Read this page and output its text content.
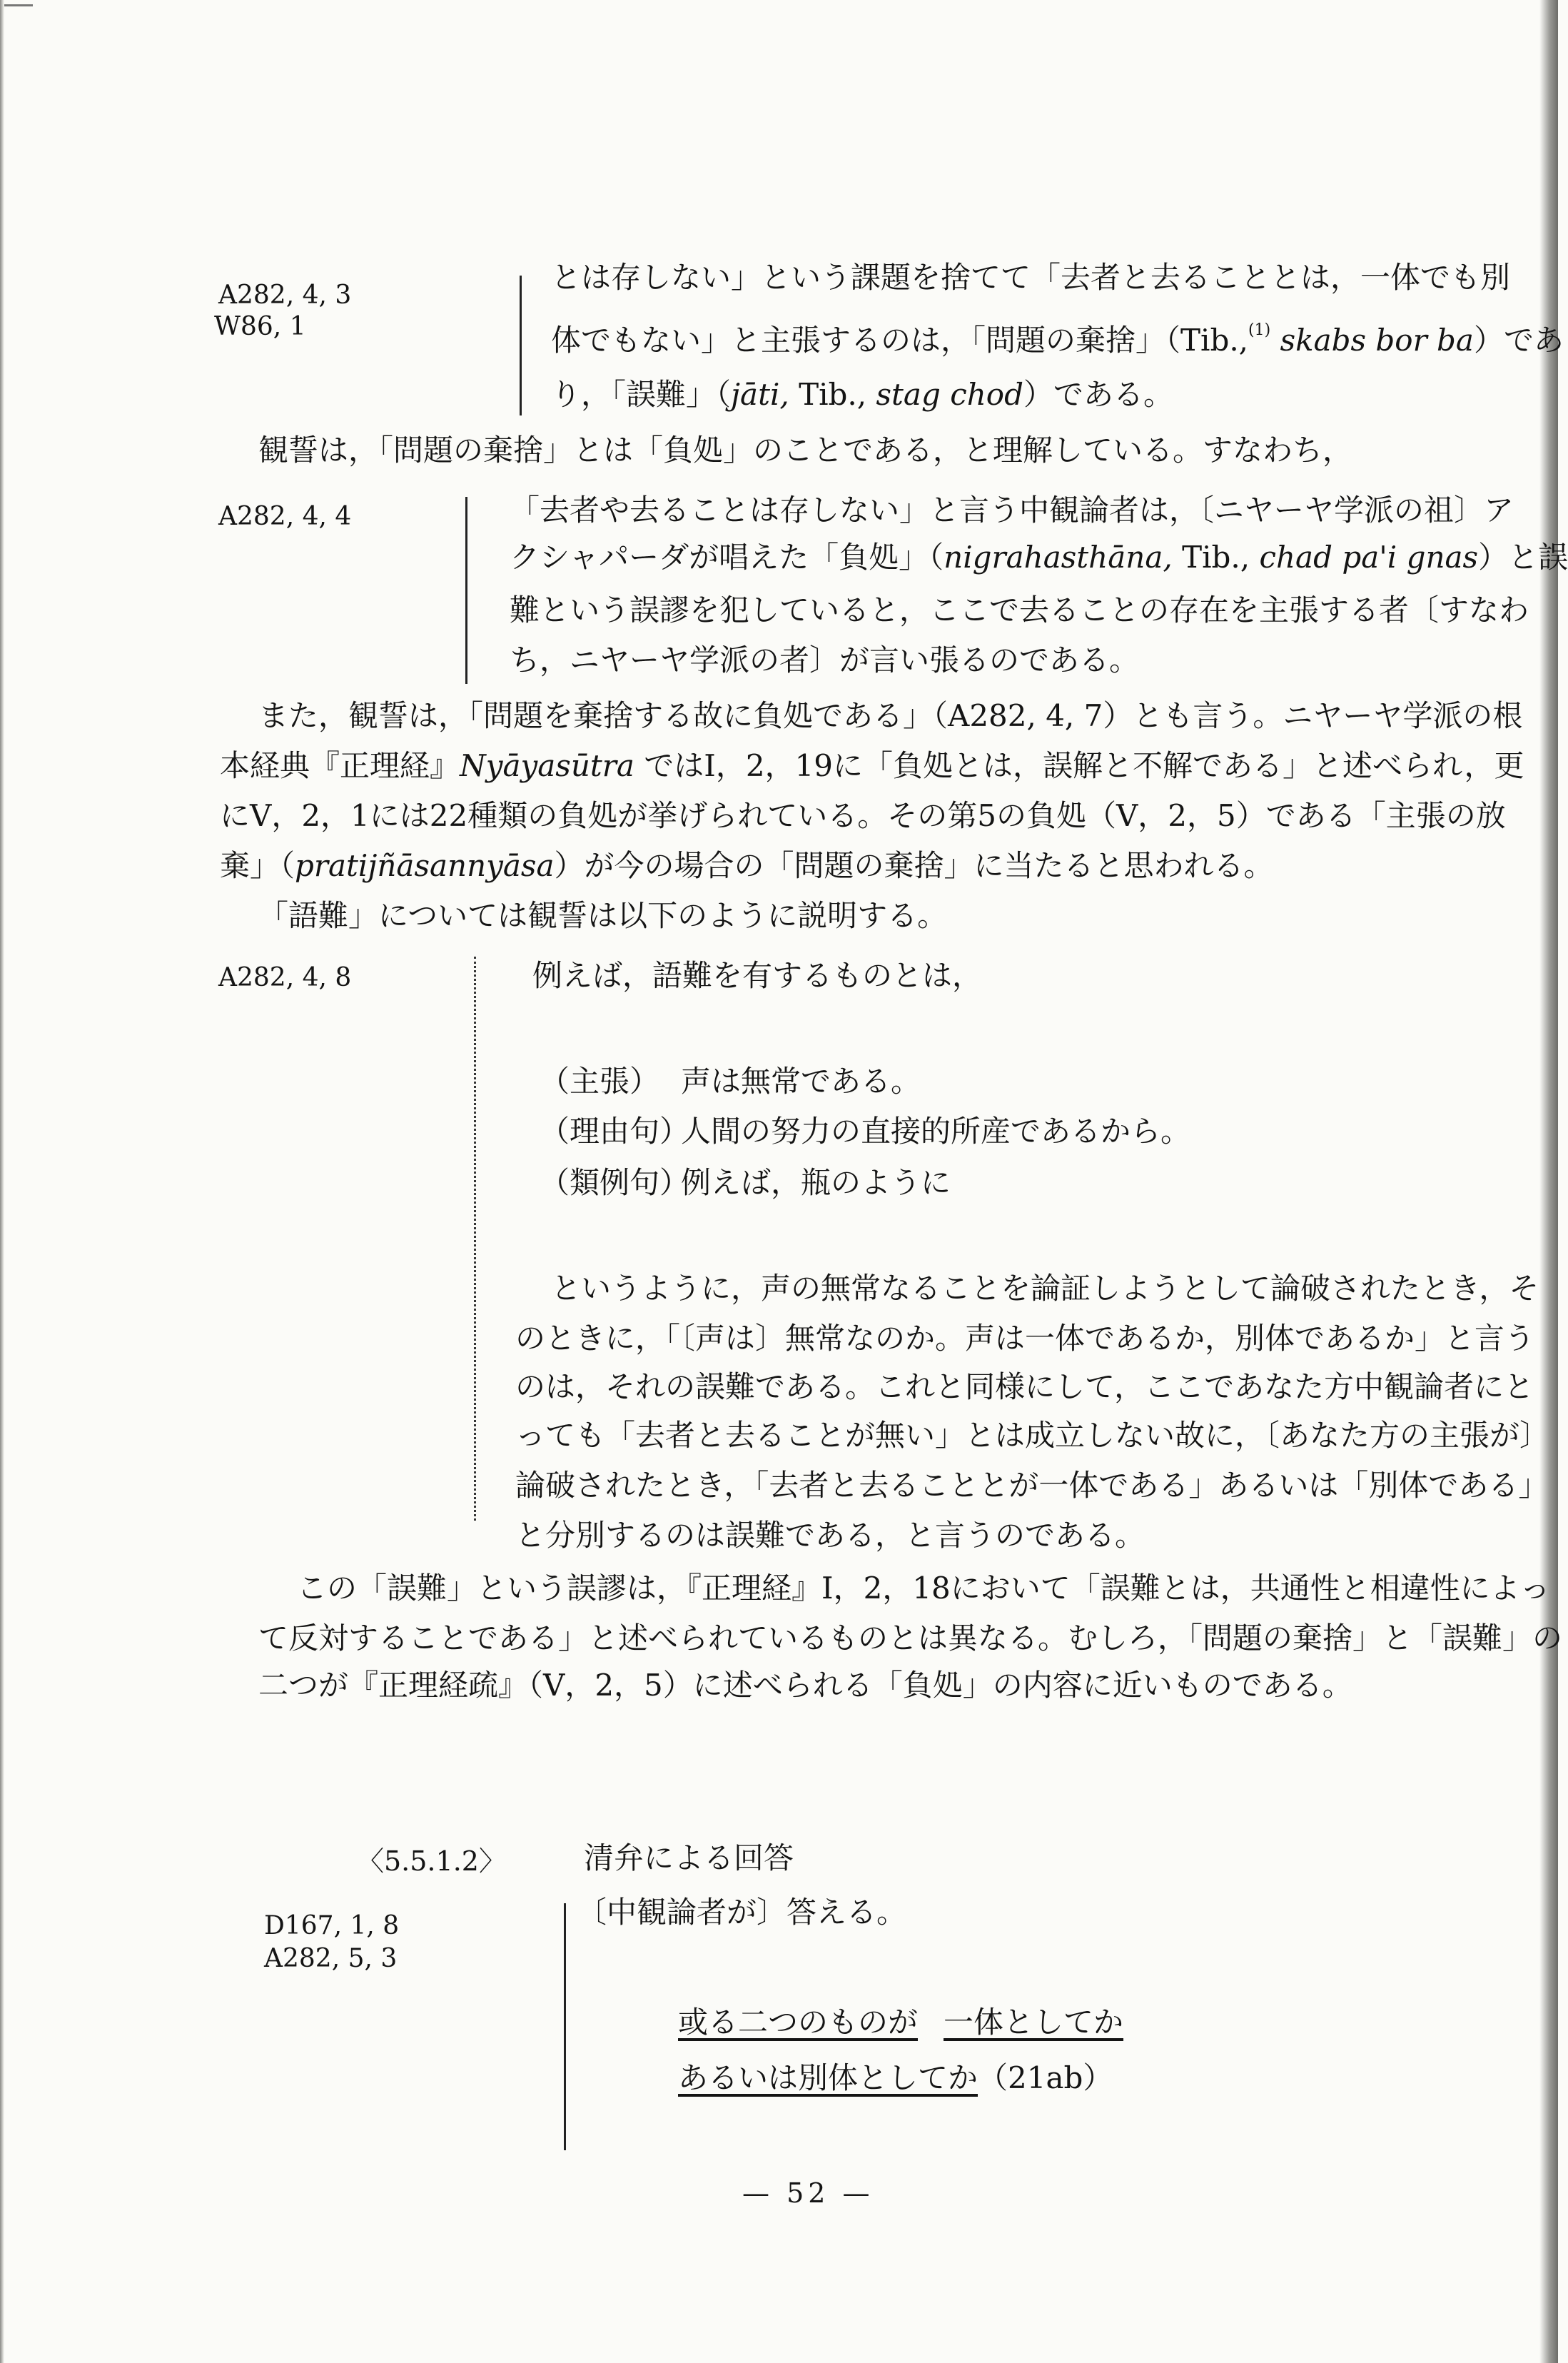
A282, 4, 3
W86, 1
とは存しない」という課題を捨てて「去者と去ることとは，一体でも別
体でもない」と主張するのは，「問題の棄捨」（Tib.,$^{(1)}$ skabs bor ba）であ
り，「誤難」（jāti, Tib., stag chod）である。
観誓は，「問題の棄捨」とは「負処」のことである，と理解している。すなわち，
A282, 4, 4	「去者や去ることは存しない」と言う中観論者は，〔ニヤーヤ学派の祖〕ア
クシャパーダが唱えた「負処」（nigrahasthāna, Tib., chad pa'i gnas）と誤
難という誤謬を犯していると，ここで去ることの存在を主張する者〔すなわ
ち，ニヤーヤ学派の者〕が言い張るのである。
また，観誓は，「問題を棄捨する故に負処である」（A282, 4, 7）とも言う。ニヤーヤ学派の根
本経典『正理経』Nyāyasūtra ではⅠ，2，19に「負処とは，誤解と不解である」と述べられ，更
にⅤ，2，1には22種類の負処が挙げられている。その第5の負処（Ⅴ，2，5）である「主張の放
棄」（pratijñāsannyāsa）が今の場合の「問題の棄捨」に当たると思われる。
「語難」については観誓は以下のように説明する。
A282, 4, 8	例えば，語難を有するものとは，
（主張） 声は無常である。
（理由句）
人間の努力の直接的所産であるから。
（類例句）
例えば，瓶のように
というように，声の無常なることを論証しようとして論破されたとき，そ
のときに，「〔声は〕無常なのか。声は一体であるか，別体であるか」と言う
のは，それの誤難である。これと同様にして，ここであなた方中観論者にと
っても「去者と去ることが無い」とは成立しない故に，〔あなた方の主張が〕
論破されたとき，「去者と去ることとが一体である」あるいは「別体である」
と分別するのは誤難である，と言うのである。
この「誤難」という誤謬は，『正理経』Ⅰ，2，18において「誤難とは，共通性と相違性によっ
て反対することである」と述べられているものとは異なる。むしろ，「問題の棄捨」と「誤難」の
二つが『正理経疏』（Ⅴ，2，5）に述べられる「負処」の内容に近いものである。
〈5.5.1.2〉	清弁による回答
D167, 1, 8
A282, 5, 3
〔中観論者が〕答える。
或る二つのものが 一体としてか
あるいは別体としてか（21ab）
— 52 —
